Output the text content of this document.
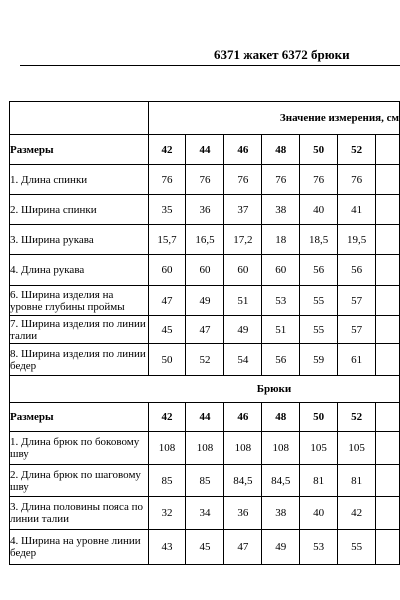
6371 жакет 6372 брюки
	Значение измерения, см						
Размеры	42	44	46	48	50	52	
1. Длина спинки	76	76	76	76	76	76	
2. Ширина спинки	35	36	37	38	40	41	
3. Ширина рукава	15,7	16,5	17,2	18	18,5	19,5	
4. Длина рукава	60	60	60	60	56	56	
6. Ширина изделия на уровне глубины проймы	47	49	51	53	55	57	
7. Ширина изделия по линии талии	45	47	49	51	55	57	
8. Ширина изделия по линии бедер	50	52	54	56	59	61	
Брюки							
Размеры	42	44	46	48	50	52	
1. Длина брюк по боковому шву	108	108	108	108	105	105	
2. Длина брюк по шаговому шву	85	85	84,5	84,5	81	81	
3. Длина половины пояса по линии талии	32	34	36	38	40	42	
4. Ширина на уровне линии бедер	43	45	47	49	53	55	
